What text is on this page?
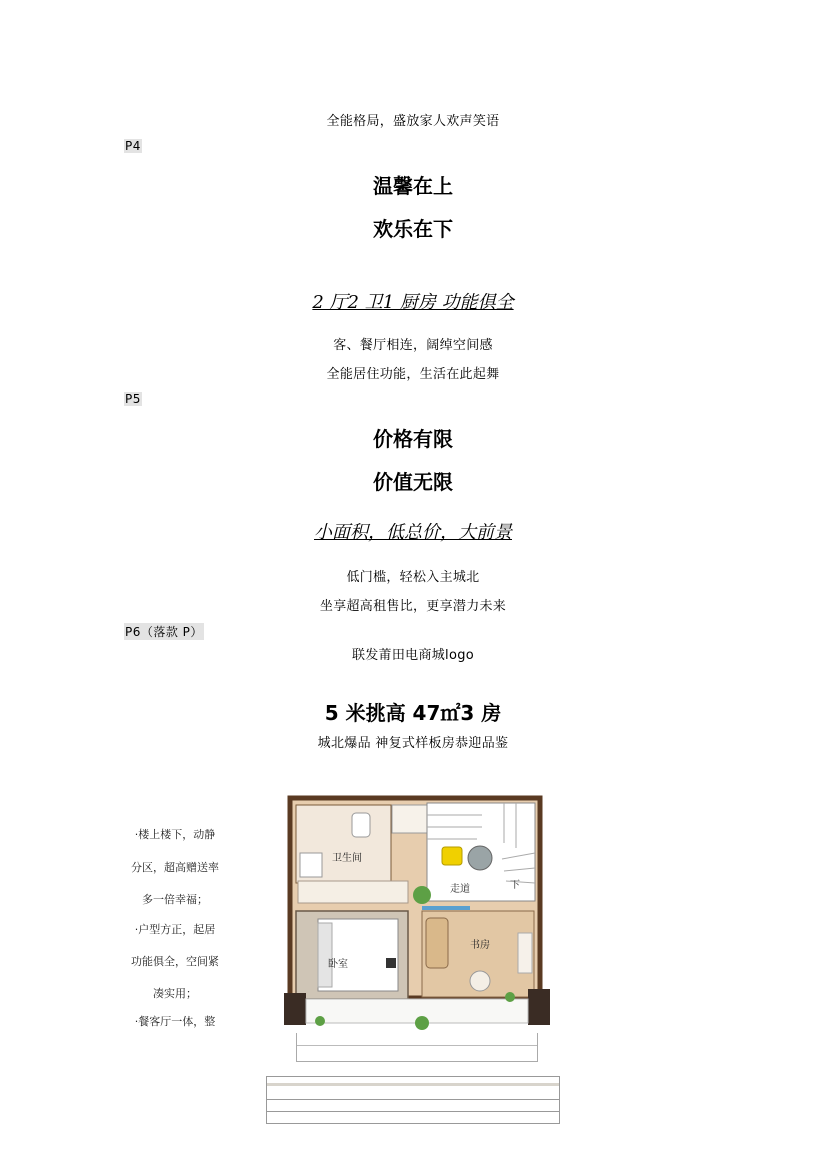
全能格局，盛放家人欢声笑语
P4
温馨在上
欢乐在下
2 厅2 卫1 厨房 功能俱全
客、餐厅相连，阔绰空间感
全能居住功能，生活在此起舞
P5
价格有限
价值无限
小面积，低总价，大前景
低门槛，轻松入主城北
坐享超高租售比，更享潜力未来
P6（落款 P）
联发莆田电商城logo
5 米挑高 47㎡3 房
城北爆品 神复式样板房恭迎品鉴
·楼上楼下，动静
分区，超高赠送率
多一倍幸福；
·户型方正，起居
功能俱全，空间紧
凑实用；
·餐客厅一体，整
卫生间
走道	下
书房
卧室
